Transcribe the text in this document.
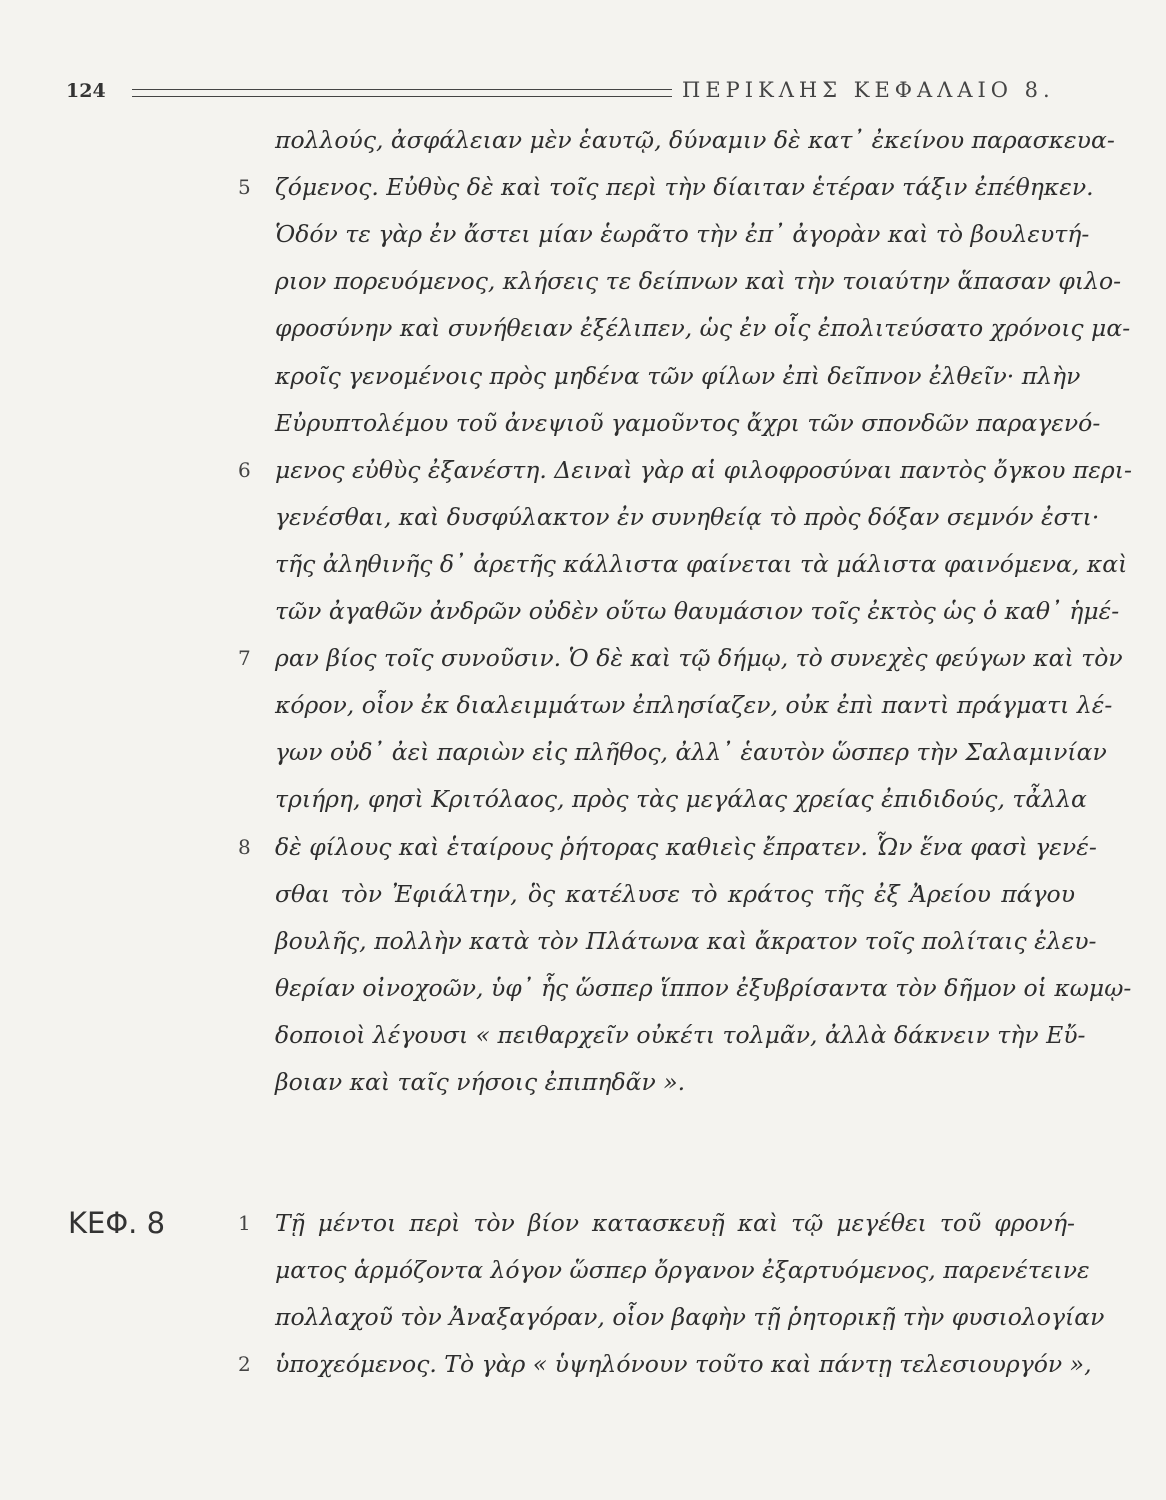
124	ΠΕΡΙΚΛΗΣ ΚΕΦΑΛΑΙΟ 8.
πολλούς, ἀσφάλειαν μὲν ἑαυτῷ, δύναμιν δὲ κατ᾿ ἐκείνου παρασκευα-
ζόμενος. Εὐθὺς δὲ καὶ τοῖς περὶ τὴν δίαιταν ἑτέραν τάξιν ἐπέθηκεν.
Ὁδόν τε γὰρ ἐν ἄστει μίαν ἑωρᾶτο τὴν ἐπ᾿ ἀγορὰν καὶ τὸ βουλευτή-
ριον πορευόμενος, κλήσεις τε δείπνων καὶ τὴν τοιαύτην ἅπασαν φιλο-
φροσύνην καὶ συνήθειαν ἐξέλιπεν, ὡς ἐν οἷς ἐπολιτεύσατο χρόνοις μα-
κροῖς γενομένοις πρὸς μηδένα τῶν φίλων ἐπὶ δεῖπνον ἐλθεῖν· πλὴν
Εὐρυπτολέμου τοῦ ἀνεψιοῦ γαμοῦντος ἄχρι τῶν σπονδῶν παραγενό-
μενος εὐθὺς ἐξανέστη. Δειναὶ γὰρ αἱ φιλοφροσύναι παντὸς ὄγκου περι-
γενέσθαι, καὶ δυσφύλακτον ἐν συνηθείᾳ τὸ πρὸς δόξαν σεμνόν ἐστι·
τῆς ἀληθινῆς δ᾿ ἀρετῆς κάλλιστα φαίνεται τὰ μάλιστα φαινόμενα, καὶ
τῶν ἀγαθῶν ἀνδρῶν οὐδὲν οὕτω θαυμάσιον τοῖς ἐκτὸς ὡς ὁ καθ᾿ ἡμέ-
ραν βίος τοῖς συνοῦσιν. Ὁ δὲ καὶ τῷ δήμῳ, τὸ συνεχὲς φεύγων καὶ τὸν
κόρον, οἷον ἐκ διαλειμμάτων ἐπλησίαζεν, οὐκ ἐπὶ παντὶ πράγματι λέ-
γων οὐδ᾿ ἀεὶ παριὼν εἰς πλῆθος, ἀλλ᾿ ἑαυτὸν ὥσπερ τὴν Σαλαμινίαν
τριήρη, φησὶ Κριτόλαος, πρὸς τὰς μεγάλας χρείας ἐπιδιδούς, τἆλλα
δὲ φίλους καὶ ἑταίρους ῥήτορας καθιεὶς ἔπρατεν. Ὧν ἕνα φασὶ γενέ-
σθαι τὸν Ἐφιάλτην, ὃς κατέλυσε τὸ κράτος τῆς ἐξ Ἀρείου πάγου
βουλῆς, πολλὴν κατὰ τὸν Πλάτωνα καὶ ἄκρατον τοῖς πολίταις ἐλευ-
θερίαν οἰνοχοῶν, ὑφ᾿ ἧς ὥσπερ ἵππον ἐξυβρίσαντα τὸν δῆμον οἱ κωμῳ-
δοποιοὶ λέγουσι « πειθαρχεῖν οὐκέτι τολμᾶν, ἀλλὰ δάκνειν τὴν Εὔ-
βοιαν καὶ ταῖς νήσοις ἐπιπηδᾶν ».
5
6
7
8
ΚΕΦ. 8	Τῇ μέντοι περὶ τὸν βίον κατασκευῇ καὶ τῷ μεγέθει τοῦ φρονή-
ματος ἁρμόζοντα λόγον ὥσπερ ὄργανον ἐξαρτυόμενος, παρενέτεινε
πολλαχοῦ τὸν Ἀναξαγόραν, οἷον βαφὴν τῇ ῥητορικῇ τὴν φυσιολογίαν
ὑποχεόμενος. Τὸ γὰρ « ὑψηλόνουν τοῦτο καὶ πάντῃ τελεσιουργόν »,
1
2
